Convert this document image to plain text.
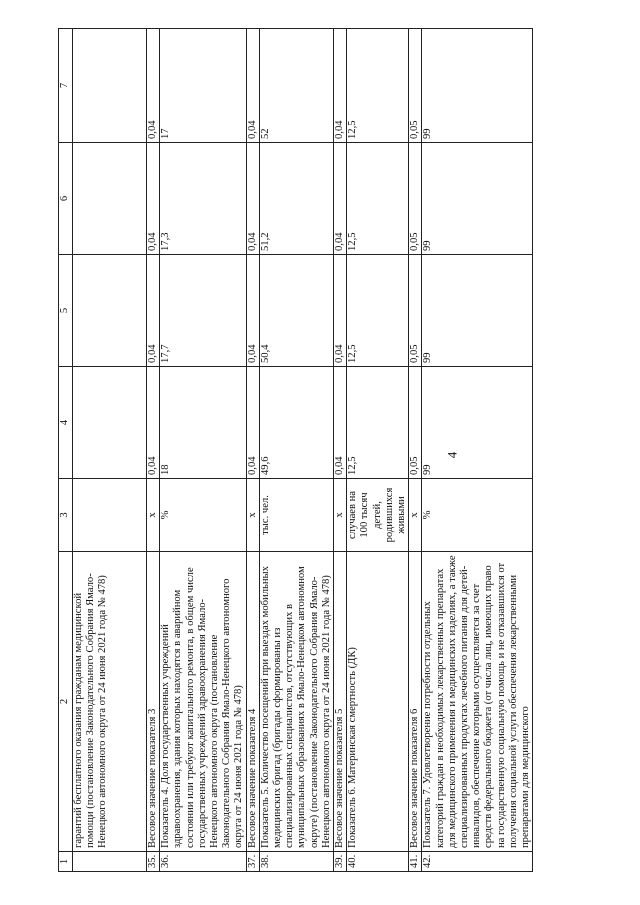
4
1	2	3	4	5	6	7
	гарантий бесплатного оказания гражданам медицинской помощи (постановление Законодательного Собрания Ямало-Ненецкого автономного округа от 24 июня 2021 года № 478)					
35.	Весовое значение показателя 3	х	0,04	0,04	0,04	0,04
36.	Показатель 4. Доля государственных учреждений здравоохранения, здания которых находятся в аварийном состоянии или требуют капитального ремонта, в общем числе государственных учреждений здравоохранения Ямало-Ненецкого автономного округа (постановление Законодательного Собрания Ямало-Ненецкого автономного округа от 24 июня 2021 года № 478)	%	18	17,7	17,3	17
37.	Весовое значение показателя 4	х	0,04	0,04	0,04	0,04
38.	Показатель 5. Количество посещений при выездах мобильных медицинских бригад (бригады сформированы из специализированных специалистов, отсутствующих в муниципальных образованиях в Ямало-Ненецком автономном округе) (постановление Законодательного Собрания Ямало-Ненецкого автономного округа от 24 июня 2021 года № 478)	тыс. чел.	49,6	50,4	51,2	52
39.	Весовое значение показателя 5	х	0,04	0,04	0,04	0,04
40.	Показатель 6. Материнская смертность (ДК)	случаев на 100 тысяч детей, родившихся живыми	12,5	12,5	12,5	12,5
41.	Весовое значение показателя 6	х	0,05	0,05	0,05	0,05
42.	Показатель 7. Удовлетворение потребности отдельных категорий граждан в необходимых лекарственных препаратах для медицинского применения и медицинских изделиях, а также специализированных продуктах лечебного питания для детей-инвалидов, обеспечение которыми осуществляется за счет средств федерального бюджета (от числа лиц, имеющих право на государственную социальную помощь и не отказавшихся от получения социальной услуги обеспечения лекарственными препаратами для медицинского	%	99	99	99	99
